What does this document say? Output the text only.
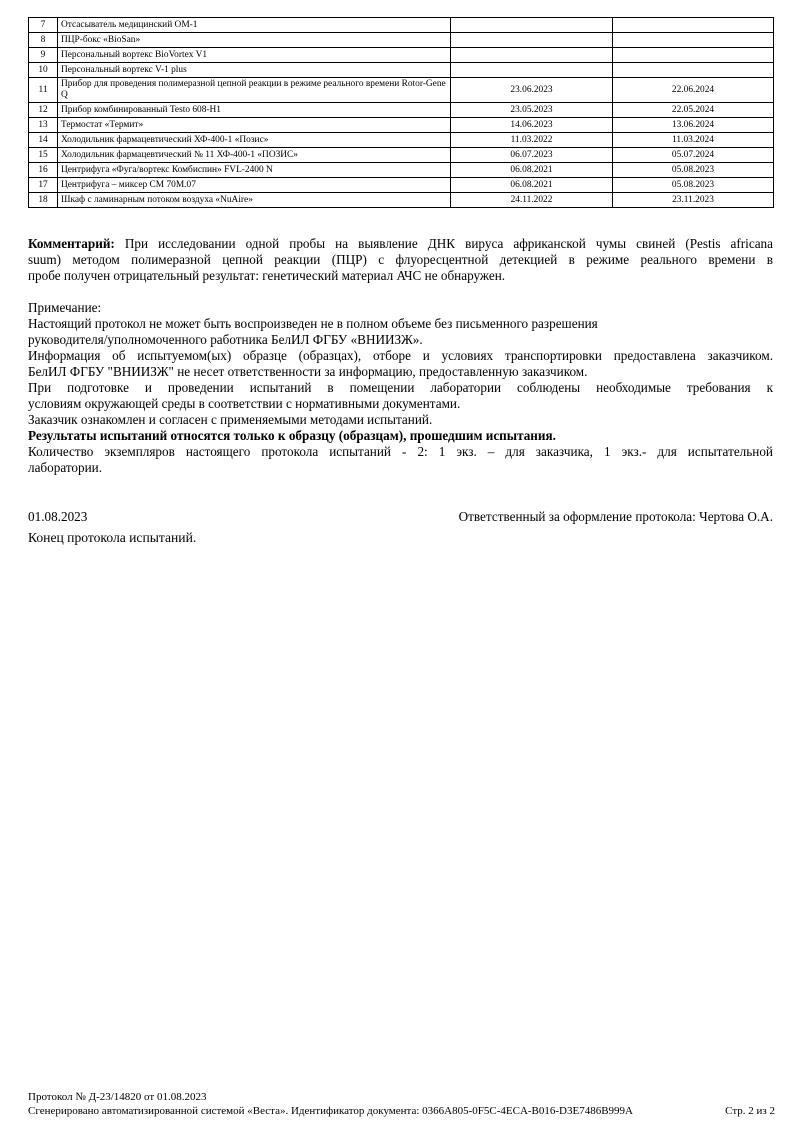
7	Отсасыватель медицинский ОМ-1		
8	ПЦР-бокс «BioSan»		
9	Персональный вортекс BioVortex V1		
10	Персональный вортекс V-1 plus		
11	Прибор для проведения полимеразной цепной реакции в режиме реального времени Rotor-Gene Q	23.06.2023	22.06.2024
12	Прибор комбинированный Testo 608-H1	23.05.2023	22.05.2024
13	Термостат «Термит»	14.06.2023	13.06.2024
14	Холодильник фармацевтический ХФ-400-1 «Позис»	11.03.2022	11.03.2024
15	Холодильник фармацевтический № 11 ХФ-400-1 «ПОЗИС»	06.07.2023	05.07.2024
16	Центрифуга «Фуга/вортекс Комбиспин» FVL-2400 N	06.08.2021	05.08.2023
17	Центрифуга – миксер СМ 70М.07	06.08.2021	05.08.2023
18	Шкаф с ламинарным потоком воздуха «NuAire»	24.11.2022	23.11.2023
Комментарий: При исследовании одной пробы на выявление ДНК вируса африканской чумы свиней (Pestis africana
suum) методом полимеразной цепной реакции (ПЦР) с флуоресцентной детекцией в режиме реального времени в
пробе получен отрицательный результат: генетический материал АЧС не обнаружен.
Примечание:
Настоящий протокол не может быть воспроизведен не в полном объеме без письменного разрешения
руководителя/уполномоченного работника БелИЛ ФГБУ «ВНИИЗЖ».
Информация об испытуемом(ых) образце (образцах), отборе и условиях транспортировки предоставлена заказчиком.
БелИЛ ФГБУ "ВНИИЗЖ" не несет ответственности за информацию, предоставленную заказчиком.
При подготовке и проведении испытаний в помещении лаборатории соблюдены необходимые требования к
условиям окружающей среды в соответствии с нормативными документами.
Заказчик ознакомлен и согласен с применяемыми методами испытаний.
Результаты испытаний относятся только к образцу (образцам), прошедшим испытания.
Количество экземпляров настоящего протокола испытаний - 2: 1 экз. – для заказчика, 1 экз.- для испытательной
лаборатории.
01.08.2023	Ответственный за оформление протокола: Чертова О.А.
Конец протокола испытаний.
Протокол № Д-23/14820 от 01.08.2023
Сгенерировано автоматизированной системой «Веста». Идентификатор документа: 0366A805-0F5C-4ECA-B016-D3E7486B999A	Стр. 2 из 2
